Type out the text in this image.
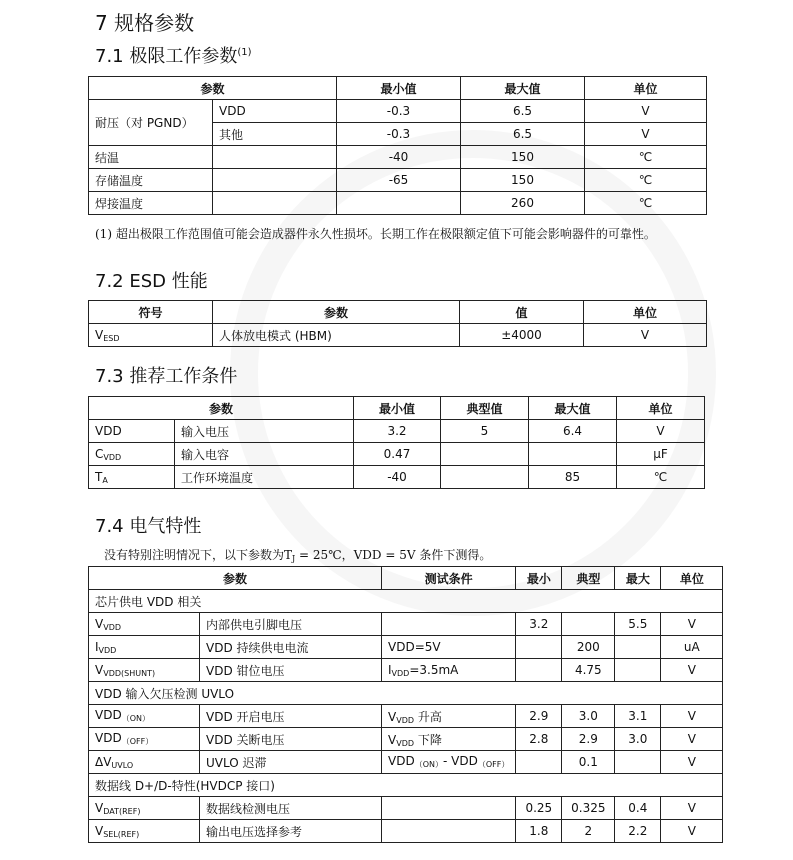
7 规格参数
7.1 极限工作参数$^{(1)}$
参数		最小值	最大值	单位
耐压（对 PGND）	VDD	-0.3	6.5	V
	其他	-0.3	6.5	V
结温		-40	150	℃
存储温度		-65	150	℃
焊接温度			260	℃
(1) 超出极限工作范围值可能会造成器件永久性损坏。长期工作在极限额定值下可能会影响器件的可靠性。
7.2 ESD 性能
符号	参数	值	单位
$V_{ESD}$	人体放电模式 (HBM)	±4000	V
7.3 推荐工作条件
参数		最小值	典型值	最大值	单位
VDD	输入电压	3.2	5	6.4	V
$C_{VDD}$	输入电容	0.47			μF
$T_A$	工作环境温度	-40		85	℃
7.4 电气特性
没有特别注明情况下，以下参数为$T_J$ = 25℃，VDD = 5V 条件下测得。
参数		测试条件	最小	典型	最大	单位
芯片供电 VDD 相关						
$V_{VDD}$	内部供电引脚电压		3.2		5.5	V
$I_{VDD}$	VDD 持续供电电流	VDD=5V		200		uA
$V_{VDD(SHUNT)}$	VDD 钳位电压	$I_{VDD}=3.5mA$		4.75		V
VDD 输入欠压检测 UVLO						
$VDD_{(ON)}$	VDD 开启电压	$V_{VDD}$ 升高	2.9	3.0	3.1	V
$VDD_{(OFF)}$	VDD 关断电压	$V_{VDD}$ 下降	2.8	2.9	3.0	V
$\Delta V_{UVLO}$	UVLO 迟滞	$VDD_{(ON)}-$ $VDD_{(OFF)}$		0.1		V
数据线 D+/D-特性(HVDCP 接口)						
$V_{DAT(REF)}$	数据线检测电压		0.25	0.325	0.4	V
$V_{SEL(REF)}$	输出电压选择参考		1.8	2	2.2	V
